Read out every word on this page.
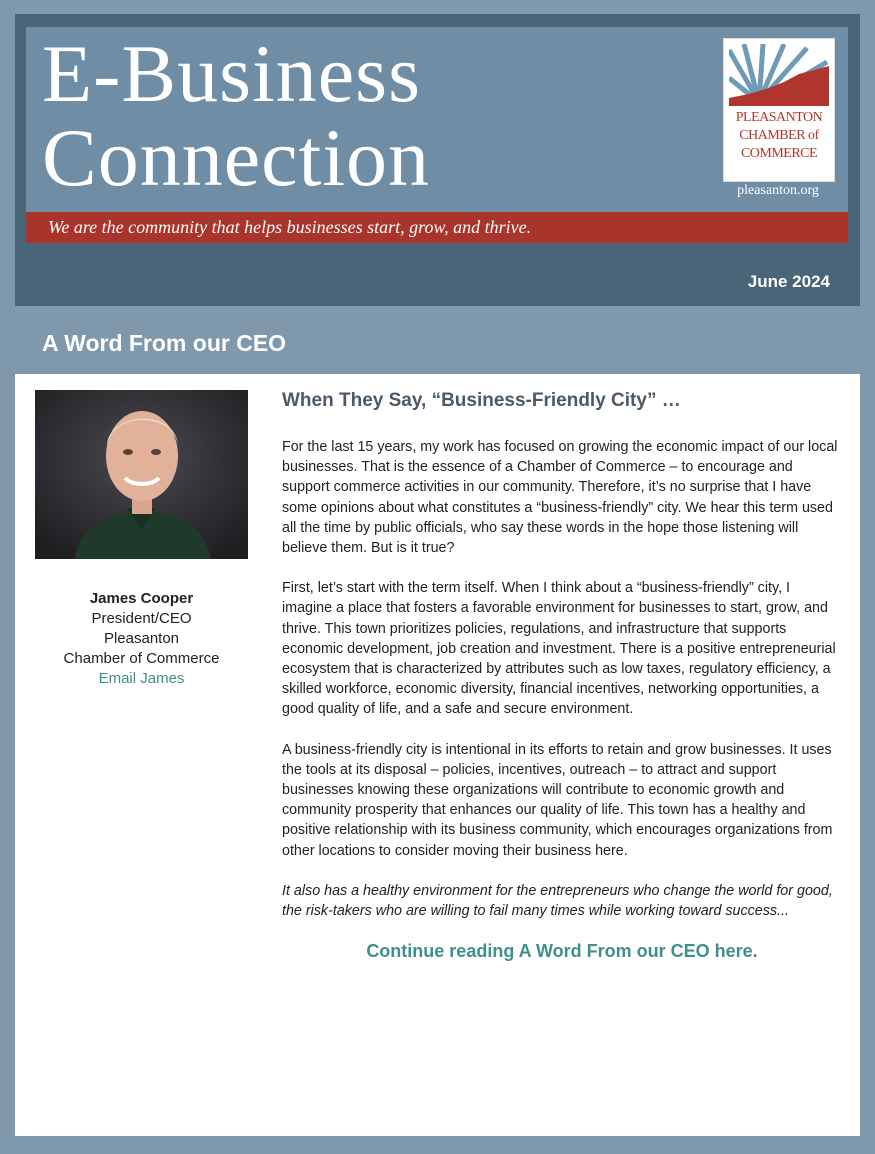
E-Business
Connection	PLEASANTON
CHAMBER of
COMMERCE
pleasanton.org
We are the community that helps businesses start, grow, and thrive.
June 2024
A Word From our CEO
James Cooper
President/CEO
Pleasanton
Chamber of Commerce
Email James
When They Say, “Business-Friendly City” …

For the last 15 years, my work has focused on growing the economic impact of our local businesses. That is the essence of a Chamber of Commerce – to encourage and support commerce activities in our community. Therefore, it’s no surprise that I have some opinions about what constitutes a “business-friendly” city. We hear this term used all the time by public officials, who say these words in the hope those listening will believe them. But is it true?

First, let’s start with the term itself. When I think about a “business-friendly” city, I imagine a place that fosters a favorable environment for businesses to start, grow, and thrive. This town prioritizes policies, regulations, and infrastructure that supports economic development, job creation and investment. There is a positive entrepreneurial ecosystem that is characterized by attributes such as low taxes, regulatory efficiency, a skilled workforce, economic diversity, financial incentives, networking opportunities, a good quality of life, and a safe and secure environment.

A business-friendly city is intentional in its efforts to retain and grow businesses. It uses the tools at its disposal – policies, incentives, outreach – to attract and support businesses knowing these organizations will contribute to economic growth and community prosperity that enhances our quality of life. This town has a healthy and positive relationship with its business community, which encourages organizations from other locations to consider moving their business here.

It also has a healthy environment for the entrepreneurs who change the world for good, the risk-takers who are willing to fail many times while working toward success...

Continue reading A Word From our CEO here.
